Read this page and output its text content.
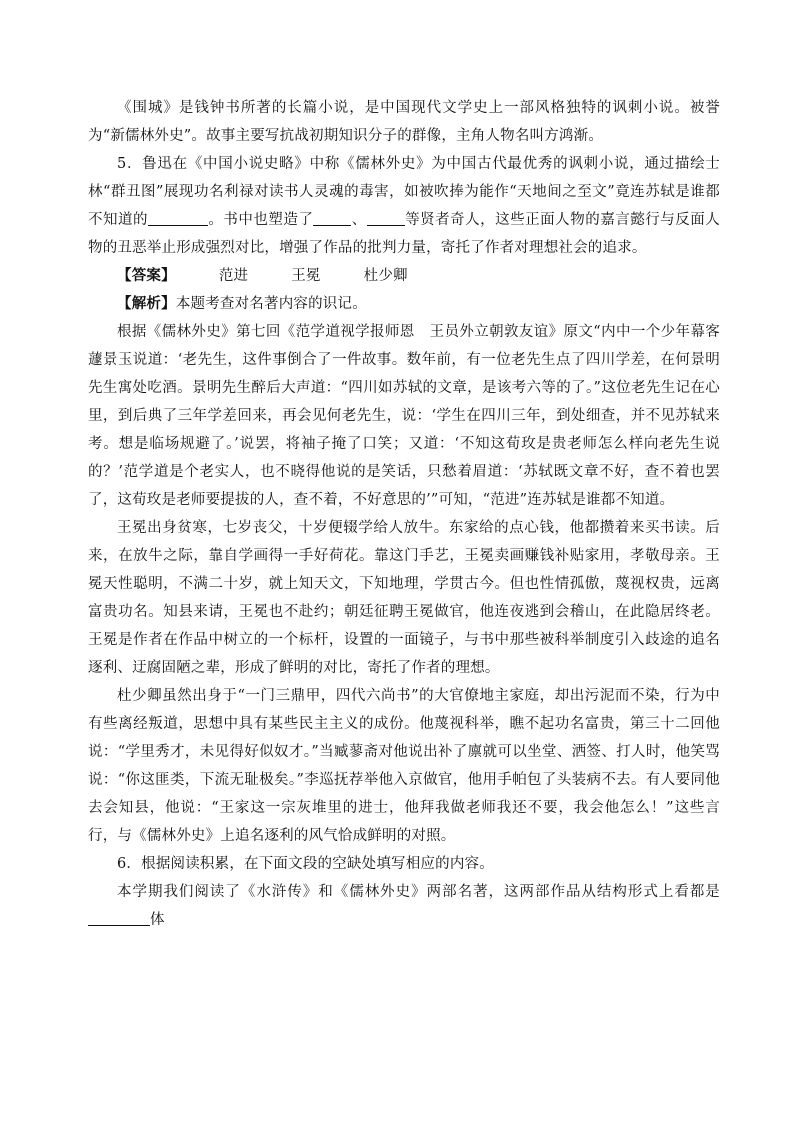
《围城》是钱钟书所著的长篇小说，是中国现代文学史上一部风格独特的讽刺小说。被誉为“新儒林外史”。故事主要写抗战初期知识分子的群像，主角人物名叫方鸿渐。

5．鲁迅在《中国小说史略》中称《儒林外史》为中国古代最优秀的讽刺小说，通过描绘士林“群丑图”展现功名利禄对读书人灵魂的毒害，如被吹捧为能作“天地间之至文”竟连苏轼是谁都不知道的	。书中也塑造了	、	等贤者奇人，这些正面人物的嘉言懿行与反面人物的丑恶举止形成强烈对比，增强了作品的批判力量，寄托了作者对理想社会的追求。

【答案】	范进	王冕	杜少卿

【解析】本题考查对名著内容的识记。

根据《儒林外史》第七回《范学道视学报师恩　王员外立朝敦友谊》原文“内中一个少年幕客蘧景玉说道：‘老先生，这件事倒合了一件故事。数年前，有一位老先生点了四川学差，在何景明先生寓处吃酒。景明先生醉后大声道：“四川如苏轼的文章，是该考六等的了。”这位老先生记在心里，到后典了三年学差回来，再会见何老先生，说：‘学生在四川三年，到处细查，并不见苏轼来考。想是临场规避了。’说罢，将袖子掩了口笑；又道：‘不知这荀玫是贵老师怎么样向老先生说的？’范学道是个老实人，也不晓得他说的是笑话，只愁着眉道：‘苏轼既文章不好，查不着也罢了，这荀玫是老师要提拔的人，查不着，不好意思的’”可知，“范进”连苏轼是谁都不知道。

王冕出身贫寒，七岁丧父，十岁便辍学给人放牛。东家给的点心钱，他都攒着来买书读。后来，在放牛之际，靠自学画得一手好荷花。靠这门手艺，王冕卖画赚钱补贴家用，孝敬母亲。王冕天性聪明，不满二十岁，就上知天文，下知地理，学贯古今。但也性情孤傲，蔑视权贵，远离富贵功名。知县来请，王冕也不赴约；朝廷征聘王冕做官，他连夜逃到会稽山，在此隐居终老。王冕是作者在作品中树立的一个标杆，设置的一面镜子，与书中那些被科举制度引入歧途的追名逐利、迂腐固陋之辈，形成了鲜明的对比，寄托了作者的理想。

杜少卿虽然出身于“一门三鼎甲，四代六尚书”的大官僚地主家庭，却出污泥而不染，行为中有些离经叛道，思想中具有某些民主主义的成份。他蔑视科举，瞧不起功名富贵，第三十二回他说：“学里秀才，未见得好似奴才。”当臧蓼斋对他说出补了廪就可以坐堂、洒签、打人时，他笑骂说：“你这匪类，下流无耻极矣。”李巡抚荐举他入京做官，他用手帕包了头装病不去。有人要同他去会知县，他说：“王家这一宗灰堆里的进士，他拜我做老师我还不要，我会他怎么！”这些言行，与《儒林外史》上追名逐利的风气恰成鲜明的对照。

6．根据阅读积累，在下面文段的空缺处填写相应的内容。

本学期我们阅读了《水浒传》和《儒林外史》两部名著，这两部作品从结构形式上看都是体
